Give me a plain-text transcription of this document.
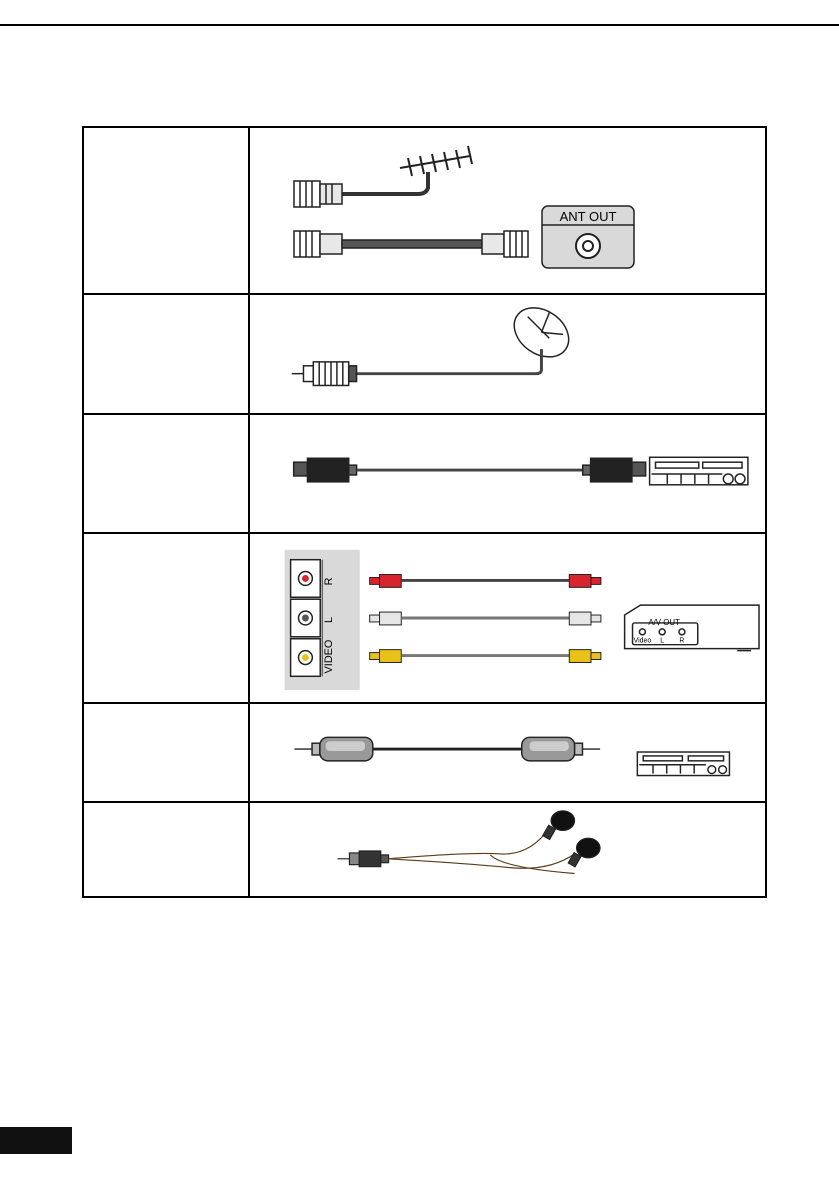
ANT OUT
R
L
VIDEO
A/V OUT
Video L R
